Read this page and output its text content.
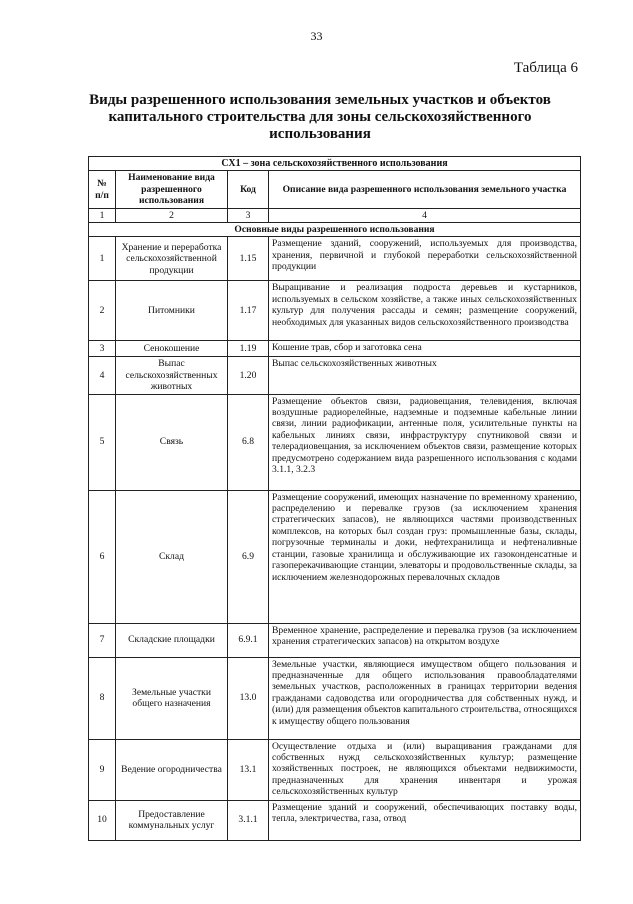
33
Таблица 6
Виды разрешенного использования земельных участков и объектов капитального строительства для зоны сельскохозяйственного использования
СХ1 – зона сельскохозяйственного использования			
№ п/п	Наименование вида разрешенного использования	Код	Описание вида разрешенного использования земельного участка
1	2	3	4
Основные виды разрешенного использования			
1	Хранение и переработка сельскохозяйственной продукции	1.15	Размещение зданий, сооружений, используемых для производства, хранения, первичной и глубокой переработки сельскохозяйственной продукции
2	Питомники	1.17	Выращивание и реализация подроста деревьев и кустарников, используемых в сельском хозяйстве, а также иных сельскохозяйственных культур для получения рассады и семян; размещение сооружений, необходимых для указанных видов сельскохозяйственного производства
3	Сенокошение	1.19	Кошение трав, сбор и заготовка сена
4	Выпас сельскохозяйственных животных	1.20	Выпас сельскохозяйственных животных
5	Связь	6.8	Размещение объектов связи, радиовещания, телевидения, включая воздушные радиорелейные, надземные и подземные кабельные линии связи, линии радиофикации, антенные поля, усилительные пункты на кабельных линиях связи, инфраструктуру спутниковой связи и телерадиовещания, за исключением объектов связи, размещение которых предусмотрено содержанием вида разрешенного использования с кодами 3.1.1, 3.2.3
6	Склад	6.9	Размещение сооружений, имеющих назначение по временному хранению, распределению и перевалке грузов (за исключением хранения стратегических запасов), не являющихся частями производственных комплексов, на которых был создан груз: промышленные базы, склады, погрузочные терминалы и доки, нефтехранилища и нефтеналивные станции, газовые хранилища и обслуживающие их газоконденсатные и газоперекачивающие станции, элеваторы и продовольственные склады, за исключением железнодорожных перевалочных складов
7	Складские площадки	6.9.1	Временное хранение, распределение и перевалка грузов (за исключением хранения стратегических запасов) на открытом воздухе
8	Земельные участки общего назначения	13.0	Земельные участки, являющиеся имуществом общего пользования и предназначенные для общего использования правообладателями земельных участков, расположенных в границах территории ведения гражданами садоводства или огородничества для собственных нужд, и (или) для размещения объектов капитального строительства, относящихся к имуществу общего пользования
9	Ведение огородничества	13.1	Осуществление отдыха и (или) выращивания гражданами для собственных нужд сельскохозяйственных культур; размещение хозяйственных построек, не являющихся объектами недвижимости, предназначенных для хранения инвентаря и урожая сельскохозяйственных культур
10	Предоставление коммунальных услуг	3.1.1	Размещение зданий и сооружений, обеспечивающих поставку воды, тепла, электричества, газа, отвод
